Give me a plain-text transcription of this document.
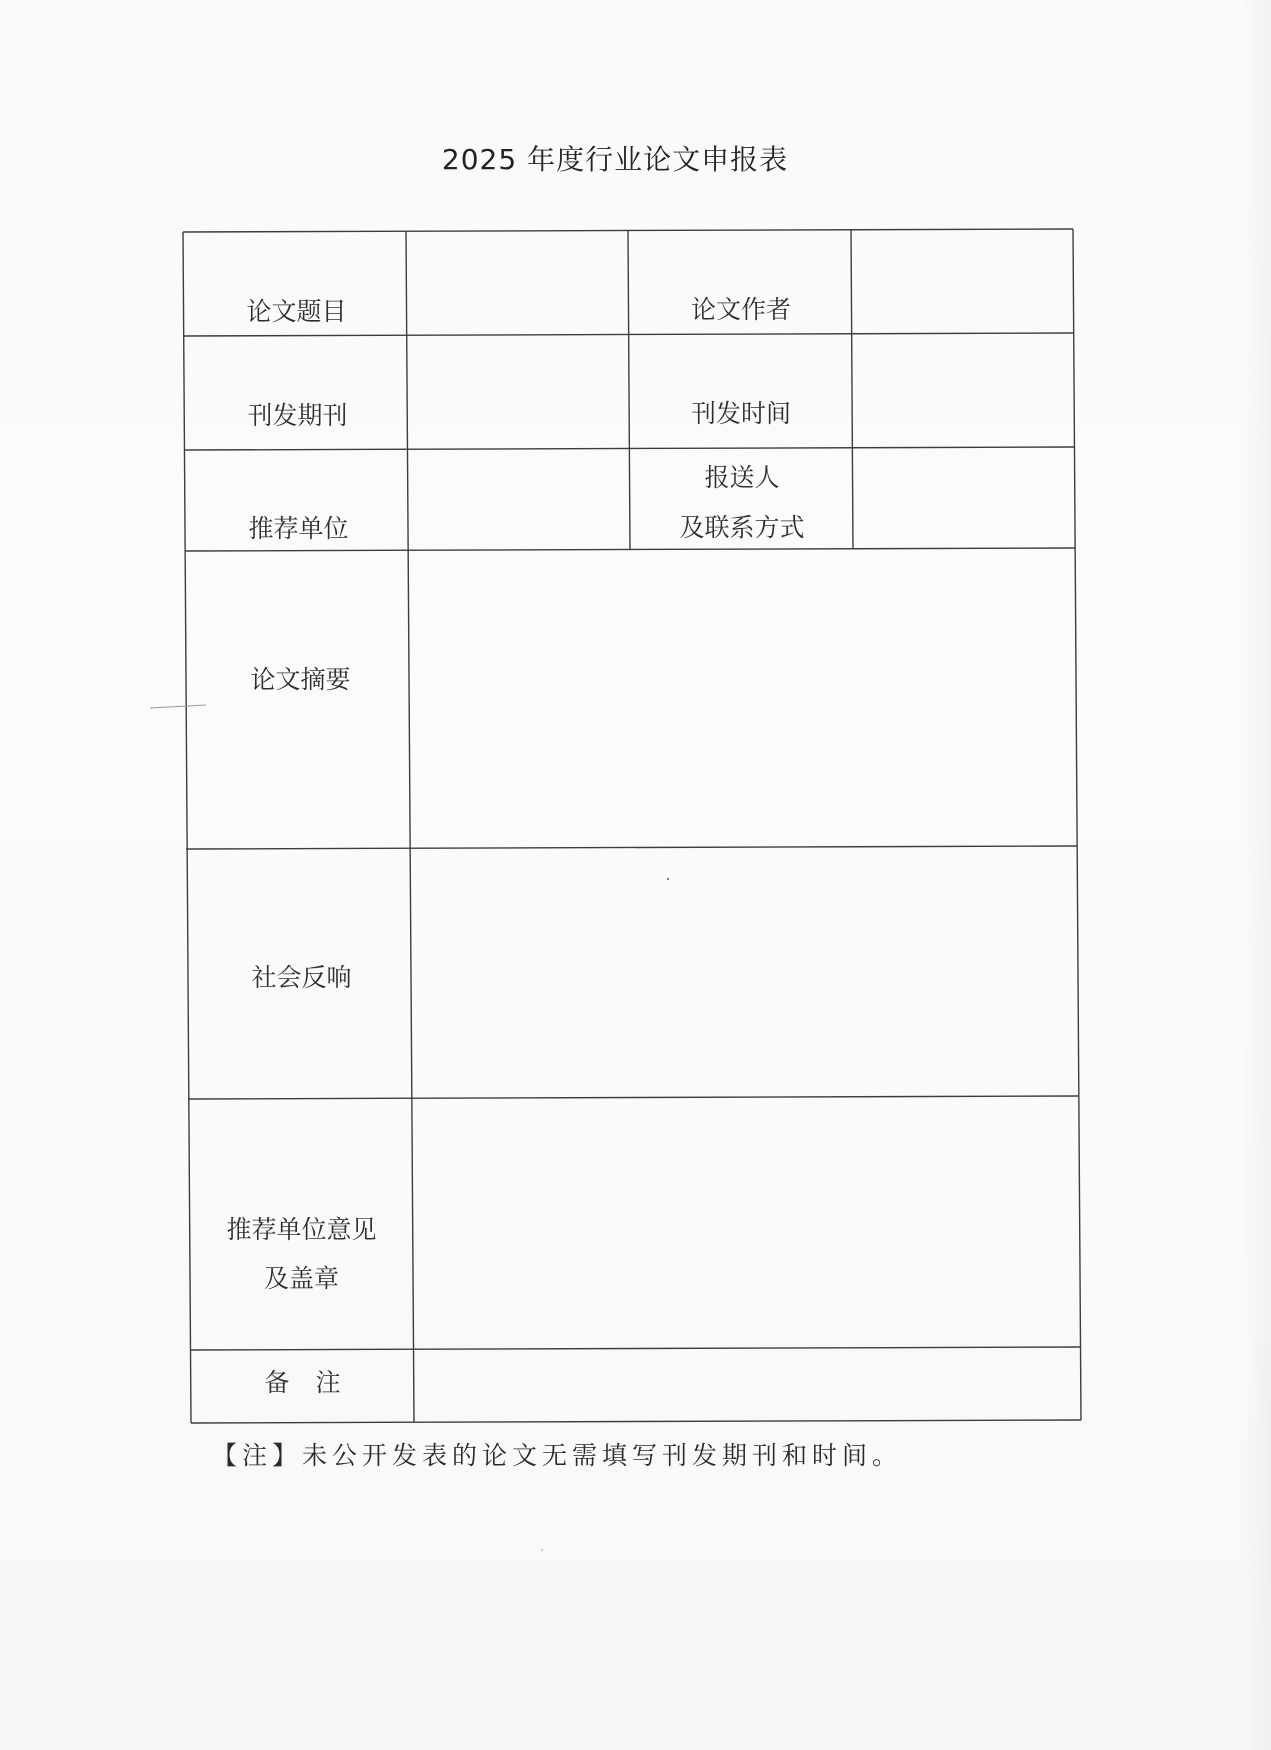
2025 年度行业论文申报表
论文题目	论文作者
刊发期刊	刊发时间
推荐单位
报送人
及联系方式
论文摘要
社会反响
推荐单位意见
及盖章
备注
【注】未公开发表的论文无需填写刊发期刊和时间。
